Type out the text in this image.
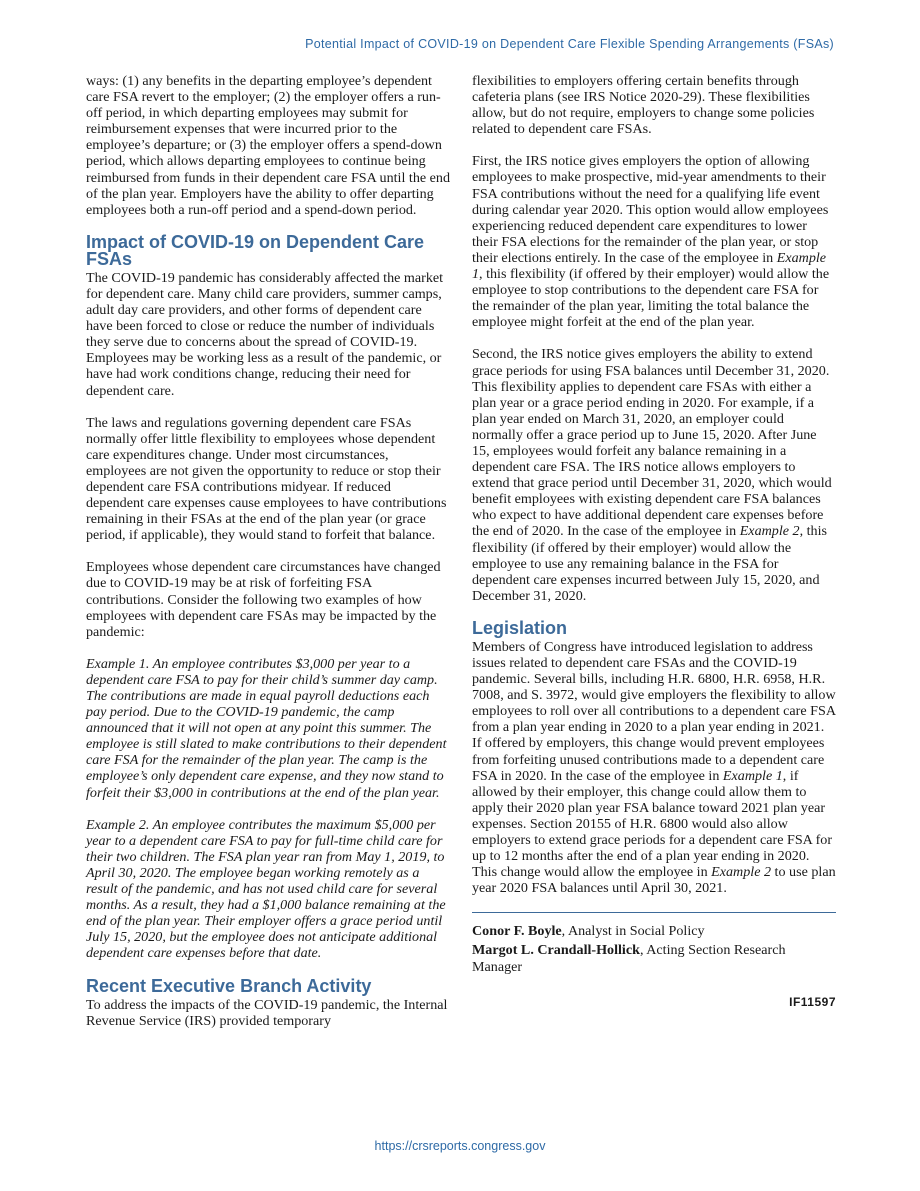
Potential Impact of COVID-19 on Dependent Care Flexible Spending Arrangements (FSAs)

ways: (1) any benefits in the departing employee’s dependent care FSA revert to the employer; (2) the employer offers a run-off period, in which departing employees may submit for reimbursement expenses that were incurred prior to the employee’s departure; or (3) the employer offers a spend-down period, which allows departing employees to continue being reimbursed from funds in their dependent care FSA until the end of the plan year. Employers have the ability to offer departing employees both a run-off period and a spend-down period.

Impact of COVID-19 on Dependent Care FSAs

The COVID-19 pandemic has considerably affected the market for dependent care. Many child care providers, summer camps, adult day care providers, and other forms of dependent care have been forced to close or reduce the number of individuals they serve due to concerns about the spread of COVID-19. Employees may be working less as a result of the pandemic, or have had work conditions change, reducing their need for dependent care.

The laws and regulations governing dependent care FSAs normally offer little flexibility to employees whose dependent care expenditures change. Under most circumstances, employees are not given the opportunity to reduce or stop their dependent care FSA contributions midyear. If reduced dependent care expenses cause employees to have contributions remaining in their FSAs at the end of the plan year (or grace period, if applicable), they would stand to forfeit that balance.

Employees whose dependent care circumstances have changed due to COVID-19 may be at risk of forfeiting FSA contributions. Consider the following two examples of how employees with dependent care FSAs may be impacted by the pandemic:

Example 1. An employee contributes $3,000 per year to a dependent care FSA to pay for their child’s summer day camp. The contributions are made in equal payroll deductions each pay period. Due to the COVID-19 pandemic, the camp announced that it will not open at any point this summer. The employee is still slated to make contributions to their dependent care FSA for the remainder of the plan year. The camp is the employee’s only dependent care expense, and they now stand to forfeit their $3,000 in contributions at the end of the plan year.

Example 2. An employee contributes the maximum $5,000 per year to a dependent care FSA to pay for full-time child care for their two children. The FSA plan year ran from May 1, 2019, to April 30, 2020. The employee began working remotely as a result of the pandemic, and has not used child care for several months. As a result, they had a $1,000 balance remaining at the end of the plan year. Their employer offers a grace period until July 15, 2020, but the employee does not anticipate additional dependent care expenses before that date.

Recent Executive Branch Activity

To address the impacts of the COVID-19 pandemic, the Internal Revenue Service (IRS) provided temporary

flexibilities to employers offering certain benefits through cafeteria plans (see IRS Notice 2020-29). These flexibilities allow, but do not require, employers to change some policies related to dependent care FSAs.

First, the IRS notice gives employers the option of allowing employees to make prospective, mid-year amendments to their FSA contributions without the need for a qualifying life event during calendar year 2020. This option would allow employees experiencing reduced dependent care expenditures to lower their FSA elections for the remainder of the plan year, or stop their elections entirely. In the case of the employee in Example 1, this flexibility (if offered by their employer) would allow the employee to stop contributions to the dependent care FSA for the remainder of the plan year, limiting the total balance the employee might forfeit at the end of the plan year.

Second, the IRS notice gives employers the ability to extend grace periods for using FSA balances until December 31, 2020. This flexibility applies to dependent care FSAs with either a plan year or a grace period ending in 2020. For example, if a plan year ended on March 31, 2020, an employer could normally offer a grace period up to June 15, 2020. After June 15, employees would forfeit any balance remaining in a dependent care FSA. The IRS notice allows employers to extend that grace period until December 31, 2020, which would benefit employees with existing dependent care FSA balances who expect to have additional dependent care expenses before the end of 2020. In the case of the employee in Example 2, this flexibility (if offered by their employer) would allow the employee to use any remaining balance in the FSA for dependent care expenses incurred between July 15, 2020, and December 31, 2020.

Legislation

Members of Congress have introduced legislation to address issues related to dependent care FSAs and the COVID-19 pandemic. Several bills, including H.R. 6800, H.R. 6958, H.R. 7008, and S. 3972, would give employers the flexibility to allow employees to roll over all contributions to a dependent care FSA from a plan year ending in 2020 to a plan year ending in 2021. If offered by employers, this change would prevent employees from forfeiting unused contributions made to a dependent care FSA in 2020. In the case of the employee in Example 1, if allowed by their employer, this change could allow them to apply their 2020 plan year FSA balance toward 2021 plan year expenses. Section 20155 of H.R. 6800 would also allow employers to extend grace periods for a dependent care FSA for up to 12 months after the end of a plan year ending in 2020. This change would allow the employee in Example 2 to use plan year 2020 FSA balances until April 30, 2021.

Conor F. Boyle, Analyst in Social Policy
Margot L. Crandall-Hollick, Acting Section Research Manager
IF11597
https://crsreports.congress.gov
